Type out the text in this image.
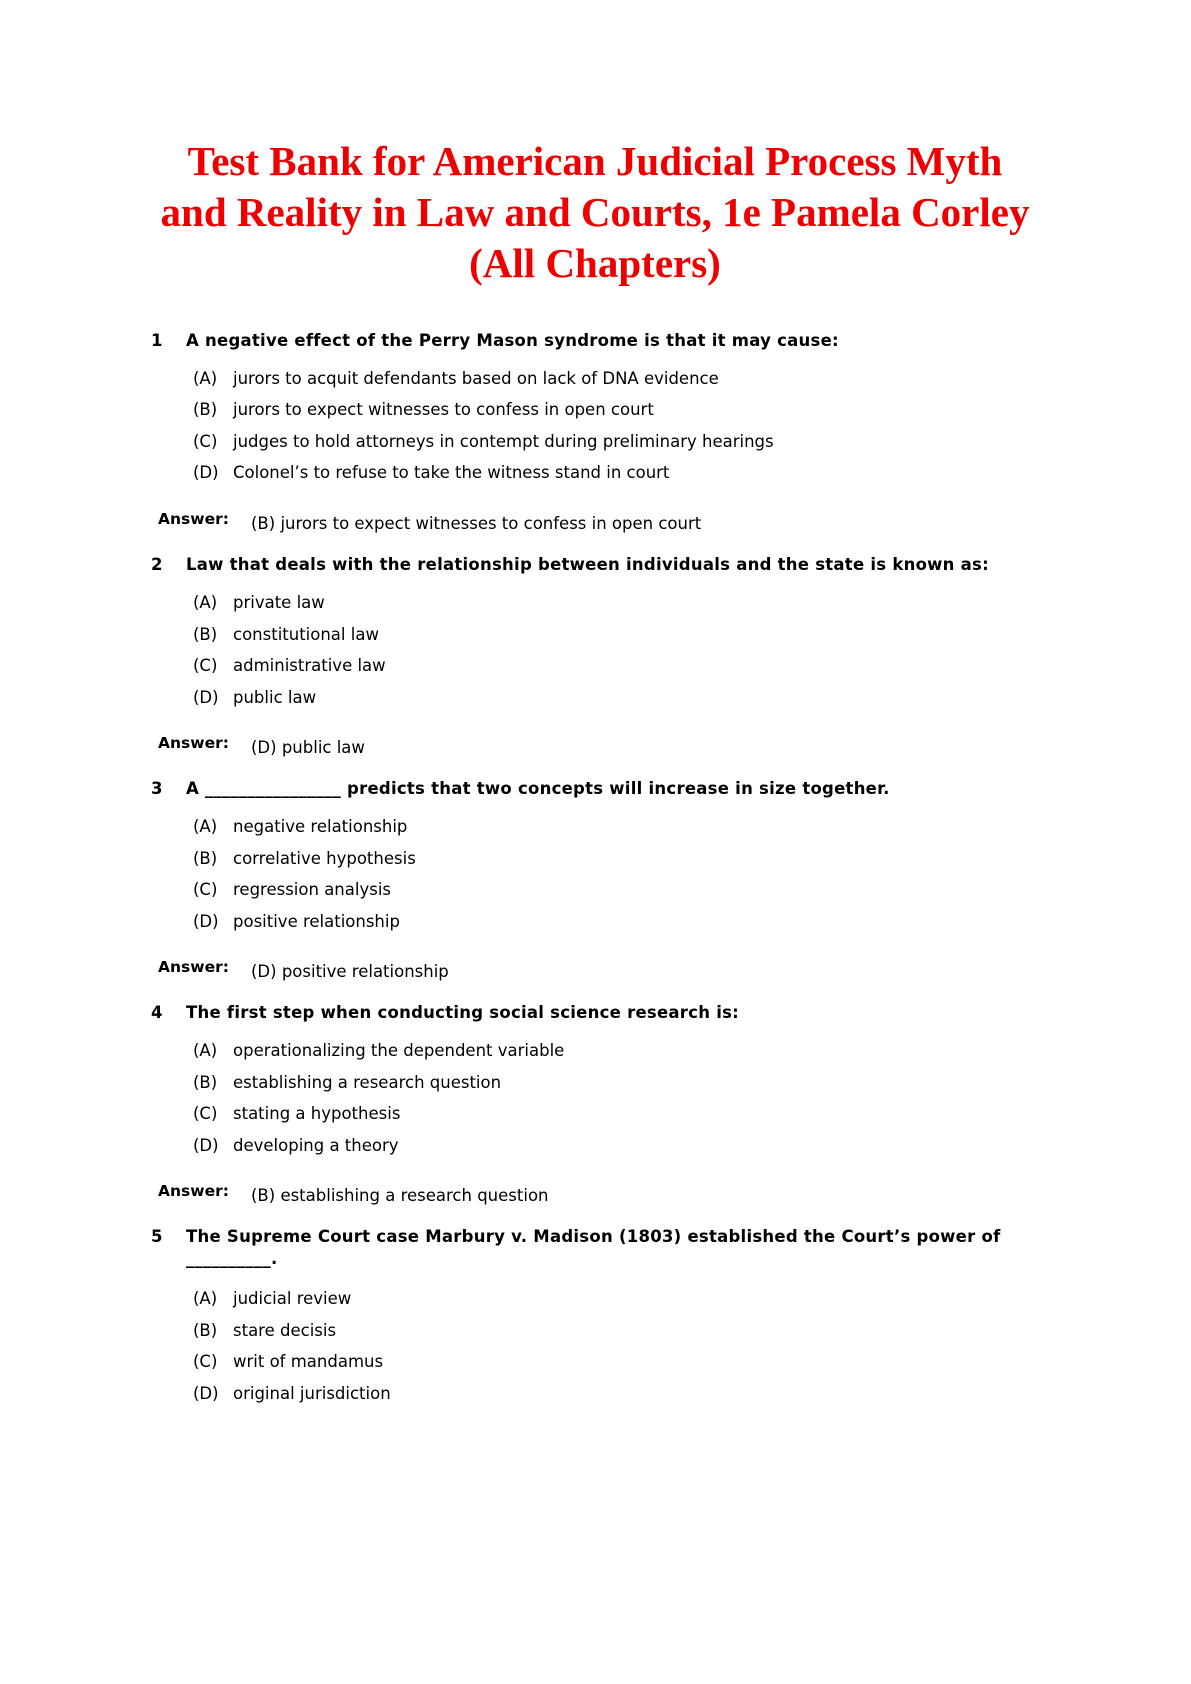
Test Bank for American Judicial Process Myth
and Reality in Law and Courts, 1e Pamela Corley
(All Chapters)
1 A negative effect of the Perry Mason syndrome is that it may cause:
(A) jurors to acquit defendants based on lack of DNA evidence
(B) jurors to expect witnesses to confess in open court
(C) judges to hold attorneys in contempt during preliminary hearings
(D) Colonel’s to refuse to take the witness stand in court
Answer: (B) jurors to expect witnesses to confess in open court
2 Law that deals with the relationship between individuals and the state is known as:
(A) private law
(B) constitutional law
(C) administrative law
(D) public law
Answer: (D) public law
3 A ________________ predicts that two concepts will increase in size together.
(A) negative relationship
(B) correlative hypothesis
(C) regression analysis
(D) positive relationship
Answer: (D) positive relationship
4 The first step when conducting social science research is:
(A) operationalizing the dependent variable
(B) establishing a research question
(C) stating a hypothesis
(D) developing a theory
Answer: (B) establishing a research question
5 The Supreme Court case Marbury v. Madison (1803) established the Court’s power of
__________.
(A) judicial review
(B) stare decisis
(C) writ of mandamus
(D) original jurisdiction
